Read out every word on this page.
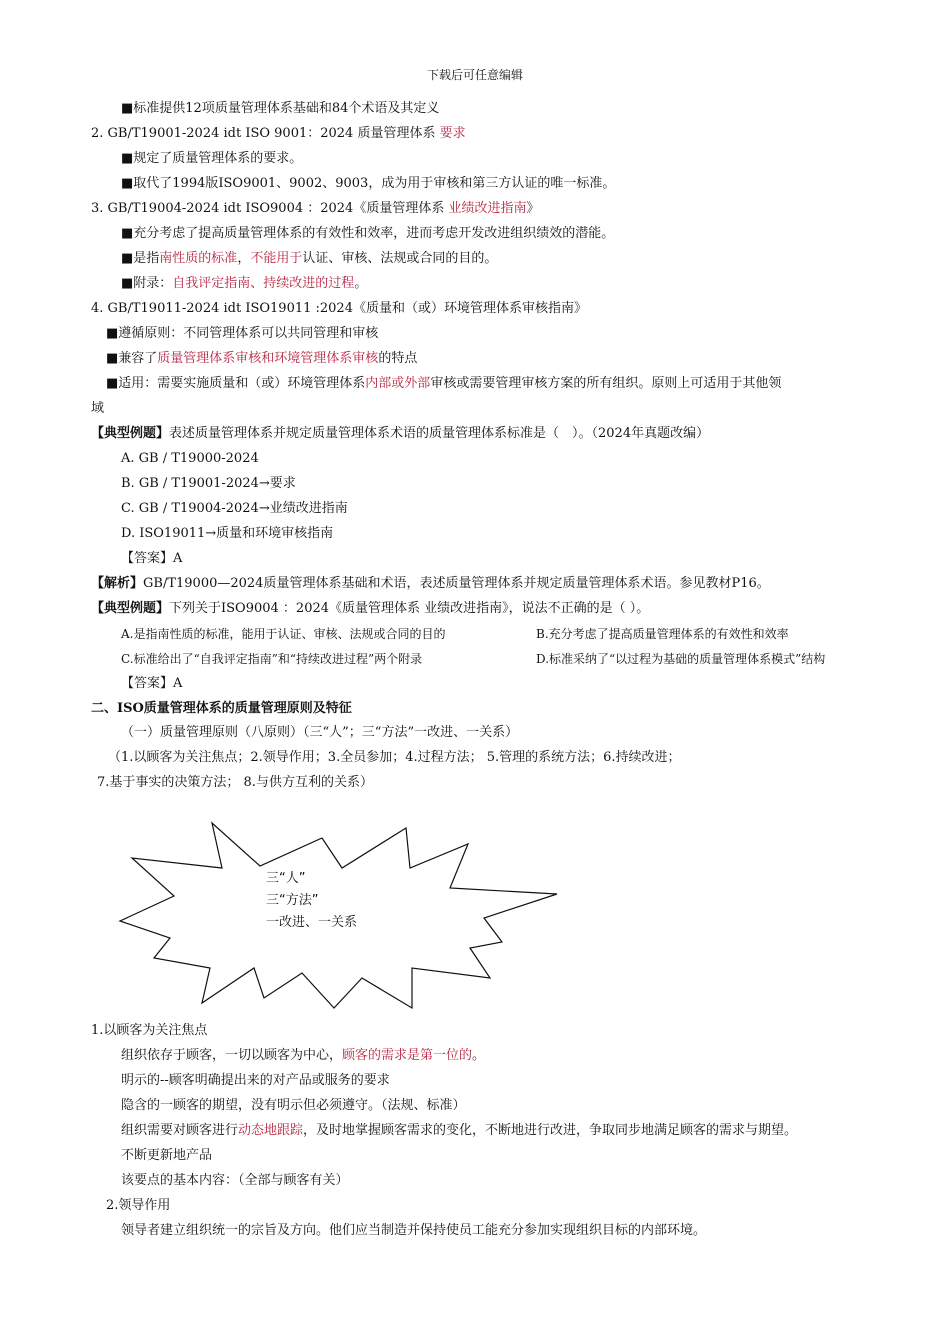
下载后可任意编辑
■标准提供12项质量管理体系基础和84个术语及其定义
2. GB/T19001-2024 idt ISO 9001：2024 质量管理体系 要求
■规定了质量管理体系的要求。
■取代了1994版ISO9001、9002、9003，成为用于审核和第三方认证的唯一标准。
3. GB/T19004-2024 idt ISO9004 ：2024《质量管理体系 业绩改进指南》
■充分考虑了提高质量管理体系的有效性和效率，进而考虑开发改进组织绩效的潜能。
■是指南性质的标准，不能用于认证、审核、法规或合同的目的。
■附录：自我评定指南、持续改进的过程。
4. GB/T19011-2024 idt ISO19011 :2024《质量和（或）环境管理体系审核指南》
■遵循原则：不同管理体系可以共同管理和审核
■兼容了质量管理体系审核和环境管理体系审核的特点
■适用：需要实施质量和（或）环境管理体系内部或外部审核或需要管理审核方案的所有组织。原则上可适用于其他领
域
【典型例题】表述质量管理体系并规定质量管理体系术语的质量管理体系标准是（　）。（2024年真题改编）
A. GB / T19000-2024
B. GB / T19001-2024→要求
C. GB / T19004-2024→业绩改进指南
D. ISO19011→质量和环境审核指南
【答案】A
【解析】GB/T19000—2024质量管理体系基础和术语，表述质量管理体系并规定质量管理体系术语。参见教材P16。
【典型例题】下列关于ISO9004 ：2024《质量管理体系 业绩改进指南》，说法不正确的是（ ）。
A.是指南性质的标准，能用于认证、审核、法规或合同的目的	B.充分考虑了提高质量管理体系的有效性和效率
C.标准给出了“自我评定指南”和“持续改进过程”两个附录	D.标准采纳了“以过程为基础的质量管理体系模式”结构
【答案】A
二、ISO质量管理体系的质量管理原则及特征
（一）质量管理原则（八原则）（三“人”；三“方法”一改进、一关系）
（1.以顾客为关注焦点；2.领导作用；3.全员参加；4.过程方法； 5.管理的系统方法；6.持续改进；
7.基于事实的决策方法； 8.与供方互利的关系）
三“人”
三“方法”
一改进、一关系
1.以顾客为关注焦点
组织依存于顾客，一切以顾客为中心，顾客的需求是第一位的。
明示的--顾客明确提出来的对产品或服务的要求
隐含的一顾客的期望，没有明示但必须遵守。（法规、标准）
组织需要对顾客进行动态地跟踪，及时地掌握顾客需求的变化，不断地进行改进，争取同步地满足顾客的需求与期望。
不断更新地产品
该要点的基本内容：（全部与顾客有关）
2.领导作用
领导者建立组织统一的宗旨及方向。他们应当制造并保持使员工能充分参加实现组织目标的内部环境。
